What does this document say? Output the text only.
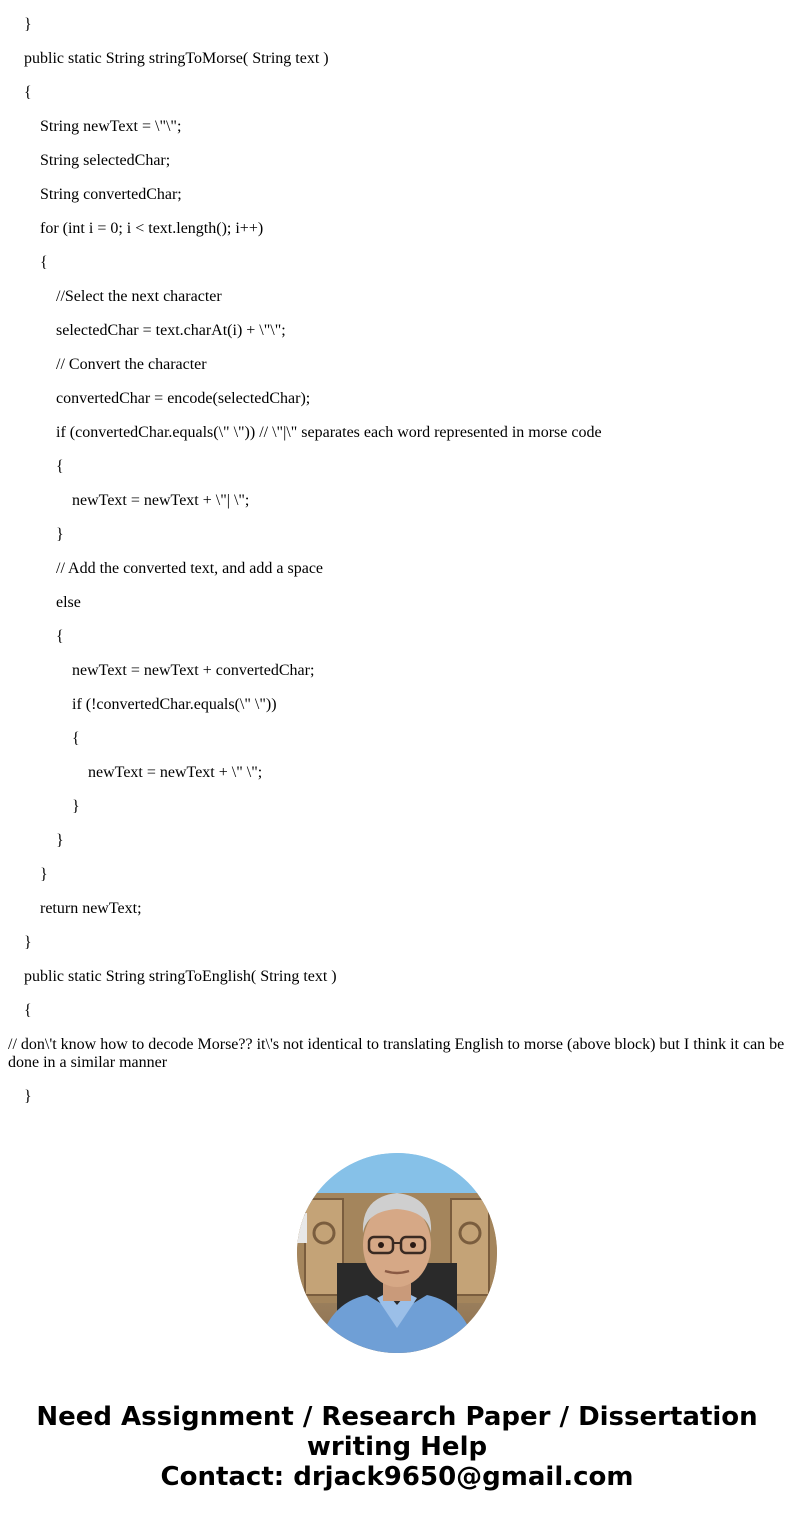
}
public static String stringToMorse( String text )
{
String newText = \"\";
String selectedChar;
String convertedChar;
for (int i = 0; i < text.length(); i++)
{
//Select the next character
selectedChar = text.charAt(i) + \"\";
// Convert the character
convertedChar = encode(selectedChar);
if (convertedChar.equals(\" \")) // \"|\" separates each word represented in morse code
{
newText = newText + \"| \";
}
// Add the converted text, and add a space
else
{
newText = newText + convertedChar;
if (!convertedChar.equals(\" \"))
{
newText = newText + \" \";
}
}
}
return newText;
}
public static String stringToEnglish( String text )
{
// don\'t know how to decode Morse?? it\'s not identical to translating English to morse (above block) but I think it can be done in a similar manner
}
Need Assignment / Research Paper / Dissertation
writing Help
Contact: drjack9650@gmail.com
